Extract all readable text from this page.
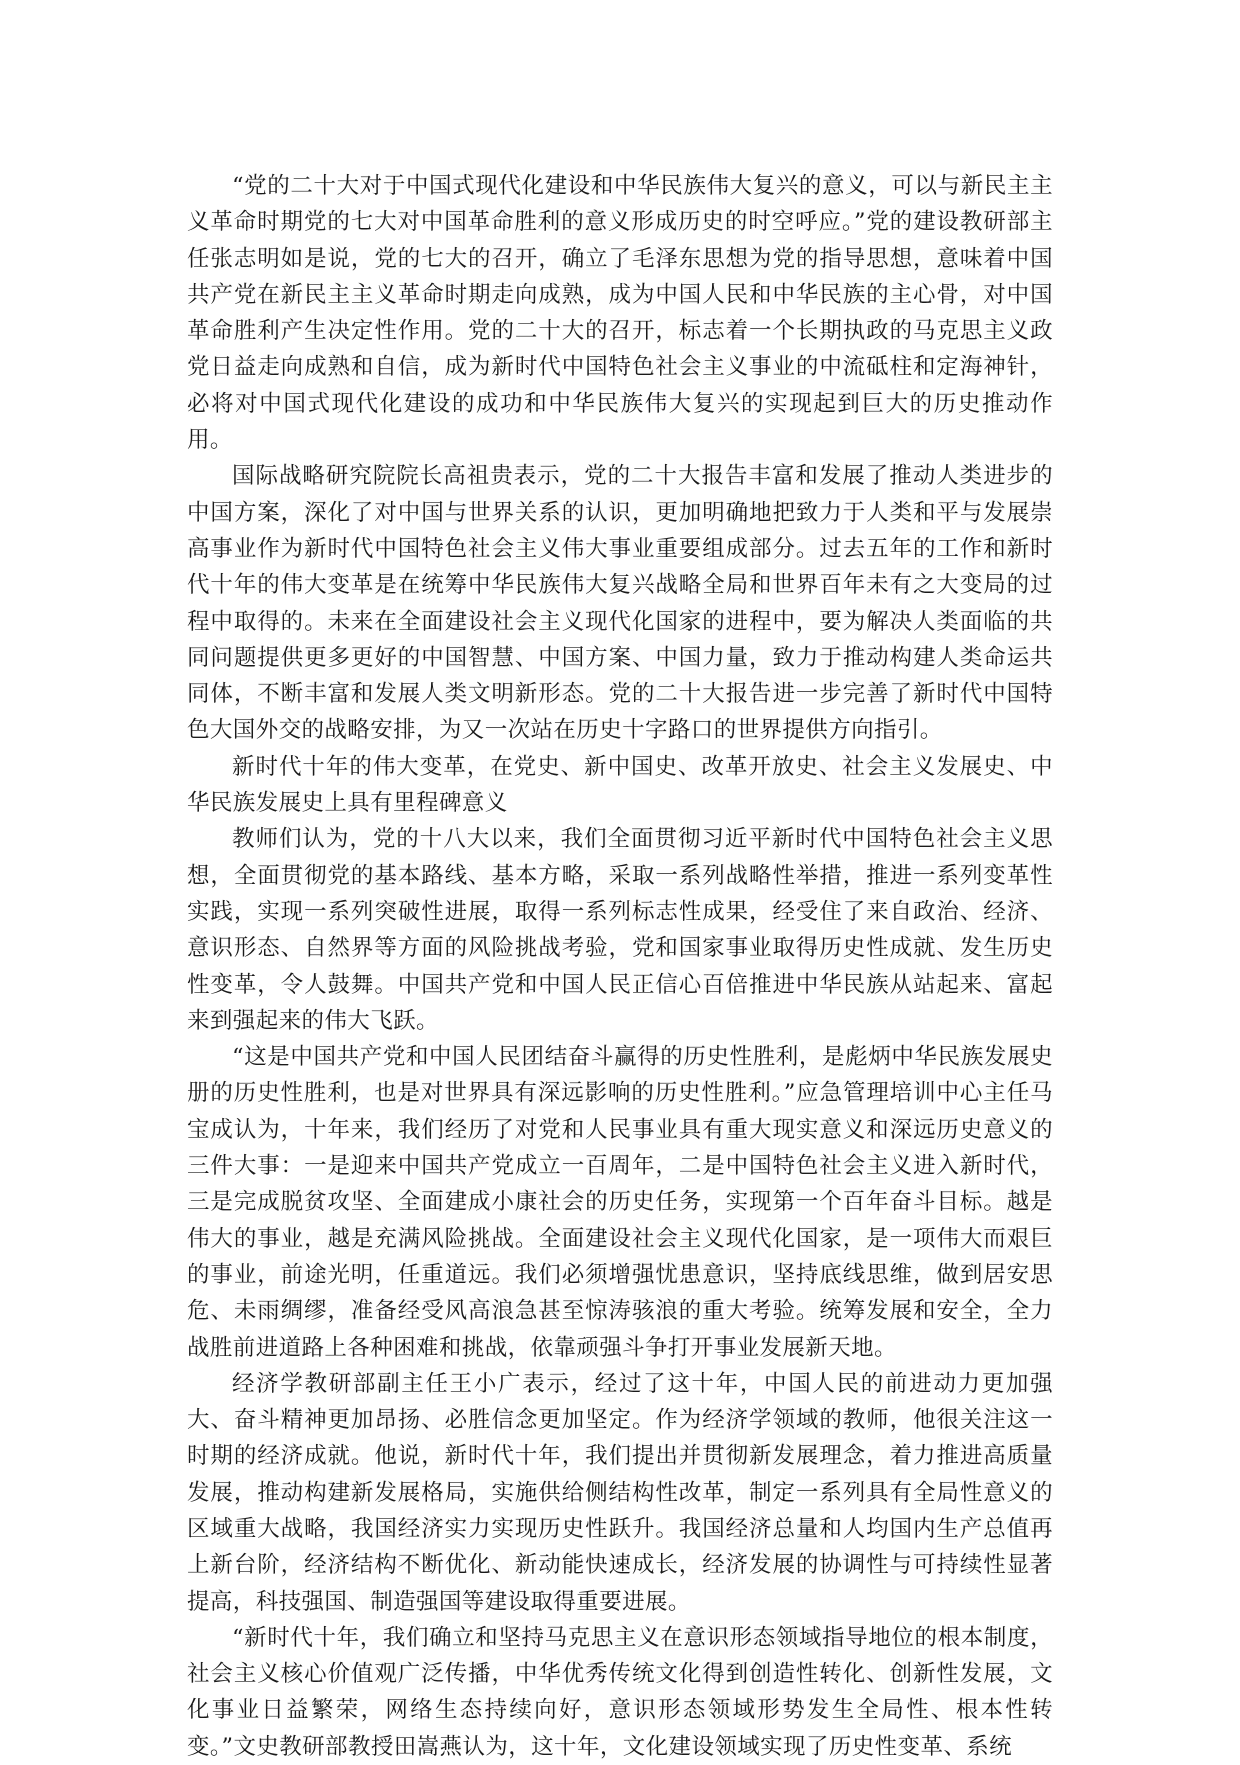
“党的二十大对于中国式现代化建设和中华民族伟大复兴的意义，可以与新民主主义革命时期党的七大对中国革命胜利的意义形成历史的时空呼应。”党的建设教研部主任张志明如是说，党的七大的召开，确立了毛泽东思想为党的指导思想，意味着中国共产党在新民主主义革命时期走向成熟，成为中国人民和中华民族的主心骨，对中国革命胜利产生决定性作用。党的二十大的召开，标志着一个长期执政的马克思主义政党日益走向成熟和自信，成为新时代中国特色社会主义事业的中流砥柱和定海神针，必将对中国式现代化建设的成功和中华民族伟大复兴的实现起到巨大的历史推动作用。

国际战略研究院院长高祖贵表示，党的二十大报告丰富和发展了推动人类进步的中国方案，深化了对中国与世界关系的认识，更加明确地把致力于人类和平与发展崇高事业作为新时代中国特色社会主义伟大事业重要组成部分。过去五年的工作和新时代十年的伟大变革是在统筹中华民族伟大复兴战略全局和世界百年未有之大变局的过程中取得的。未来在全面建设社会主义现代化国家的进程中，要为解决人类面临的共同问题提供更多更好的中国智慧、中国方案、中国力量，致力于推动构建人类命运共同体，不断丰富和发展人类文明新形态。党的二十大报告进一步完善了新时代中国特色大国外交的战略安排，为又一次站在历史十字路口的世界提供方向指引。

新时代十年的伟大变革，在党史、新中国史、改革开放史、社会主义发展史、中华民族发展史上具有里程碑意义

教师们认为，党的十八大以来，我们全面贯彻习近平新时代中国特色社会主义思想，全面贯彻党的基本路线、基本方略，采取一系列战略性举措，推进一系列变革性实践，实现一系列突破性进展，取得一系列标志性成果，经受住了来自政治、经济、意识形态、自然界等方面的风险挑战考验，党和国家事业取得历史性成就、发生历史性变革，令人鼓舞。中国共产党和中国人民正信心百倍推进中华民族从站起来、富起来到强起来的伟大飞跃。

“这是中国共产党和中国人民团结奋斗赢得的历史性胜利，是彪炳中华民族发展史册的历史性胜利，也是对世界具有深远影响的历史性胜利。”应急管理培训中心主任马宝成认为，十年来，我们经历了对党和人民事业具有重大现实意义和深远历史意义的三件大事：一是迎来中国共产党成立一百周年，二是中国特色社会主义进入新时代，三是完成脱贫攻坚、全面建成小康社会的历史任务，实现第一个百年奋斗目标。越是伟大的事业，越是充满风险挑战。全面建设社会主义现代化国家，是一项伟大而艰巨的事业，前途光明，任重道远。我们必须增强忧患意识，坚持底线思维，做到居安思危、未雨绸缪，准备经受风高浪急甚至惊涛骇浪的重大考验。统筹发展和安全，全力战胜前进道路上各种困难和挑战，依靠顽强斗争打开事业发展新天地。

经济学教研部副主任王小广表示，经过了这十年，中国人民的前进动力更加强大、奋斗精神更加昂扬、必胜信念更加坚定。作为经济学领域的教师，他很关注这一时期的经济成就。他说，新时代十年，我们提出并贯彻新发展理念，着力推进高质量发展，推动构建新发展格局，实施供给侧结构性改革，制定一系列具有全局性意义的区域重大战略，我国经济实力实现历史性跃升。我国经济总量和人均国内生产总值再上新台阶，经济结构不断优化、新动能快速成长，经济发展的协调性与可持续性显著提高，科技强国、制造强国等建设取得重要进展。

“新时代十年，我们确立和坚持马克思主义在意识形态领域指导地位的根本制度，社会主义核心价值观广泛传播，中华优秀传统文化得到创造性转化、创新性发展，文化事业日益繁荣，网络生态持续向好，意识形态领域形势发生全局性、根本性转变。”文史教研部教授田嵩燕认为，这十年，文化建设领域实现了历史性变革、系统
